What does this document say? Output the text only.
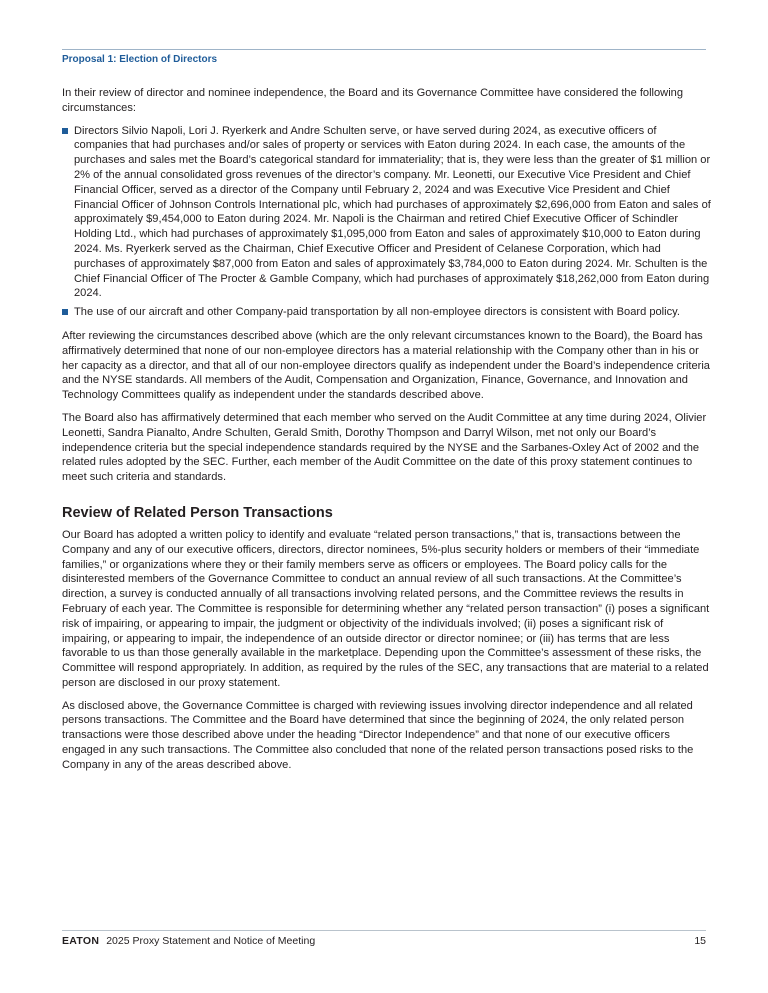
Proposal 1: Election of Directors

In their review of director and nominee independence, the Board and its Governance Committee have considered the following circumstances:

Directors Silvio Napoli, Lori J. Ryerkerk and Andre Schulten serve, or have served during 2024, as executive officers of companies that had purchases and/or sales of property or services with Eaton during 2024. In each case, the amounts of the purchases and sales met the Board’s categorical standard for immateriality; that is, they were less than the greater of $1 million or 2% of the annual consolidated gross revenues of the director’s company. Mr. Leonetti, our Executive Vice President and Chief Financial Officer, served as a director of the Company until February 2, 2024 and was Executive Vice President and Chief Financial Officer of Johnson Controls International plc, which had purchases of approximately $2,696,000 from Eaton and sales of approximately $9,454,000 to Eaton during 2024. Mr. Napoli is the Chairman and retired Chief Executive Officer of Schindler Holding Ltd., which had purchases of approximately $1,095,000 from Eaton and sales of approximately $10,000 to Eaton during 2024. Ms. Ryerkerk served as the Chairman, Chief Executive Officer and President of Celanese Corporation, which had purchases of approximately $87,000 from Eaton and sales of approximately $3,784,000 to Eaton during 2024. Mr. Schulten is the Chief Financial Officer of The Procter & Gamble Company, which had purchases of approximately $18,262,000 from Eaton during 2024.
The use of our aircraft and other Company-paid transportation by all non-employee directors is consistent with Board policy.

After reviewing the circumstances described above (which are the only relevant circumstances known to the Board), the Board has affirmatively determined that none of our non-employee directors has a material relationship with the Company other than in his or her capacity as a director, and that all of our non-employee directors qualify as independent under the Board’s independence criteria and the NYSE standards. All members of the Audit, Compensation and Organization, Finance, Governance, and Innovation and Technology Committees qualify as independent under the standards described above.

The Board also has affirmatively determined that each member who served on the Audit Committee at any time during 2024, Olivier Leonetti, Sandra Pianalto, Andre Schulten, Gerald Smith, Dorothy Thompson and Darryl Wilson, met not only our Board’s independence criteria but the special independence standards required by the NYSE and the Sarbanes-Oxley Act of 2002 and the related rules adopted by the SEC. Further, each member of the Audit Committee on the date of this proxy statement continues to meet such criteria and standards.

Review of Related Person Transactions

Our Board has adopted a written policy to identify and evaluate “related person transactions,” that is, transactions between the Company and any of our executive officers, directors, director nominees, 5%-plus security holders or members of their “immediate families,” or organizations where they or their family members serve as officers or employees. The Board policy calls for the disinterested members of the Governance Committee to conduct an annual review of all such transactions. At the Committee’s direction, a survey is conducted annually of all transactions involving related persons, and the Committee reviews the results in February of each year. The Committee is responsible for determining whether any “related person transaction” (i) poses a significant risk of impairing, or appearing to impair, the judgment or objectivity of the individuals involved; (ii) poses a significant risk of impairing, or appearing to impair, the independence of an outside director or director nominee; or (iii) has terms that are less favorable to us than those generally available in the marketplace. Depending upon the Committee’s assessment of these risks, the Committee will respond appropriately. In addition, as required by the rules of the SEC, any transactions that are material to a related person are disclosed in our proxy statement.

As disclosed above, the Governance Committee is charged with reviewing issues involving director independence and all related persons transactions. The Committee and the Board have determined that since the beginning of 2024, the only related person transactions were those described above under the heading “Director Independence” and that none of our executive officers engaged in any such transactions. The Committee also concluded that none of the related person transactions posed risks to the Company in any of the areas described above.

EATON 2025 Proxy Statement and Notice of Meeting	15
